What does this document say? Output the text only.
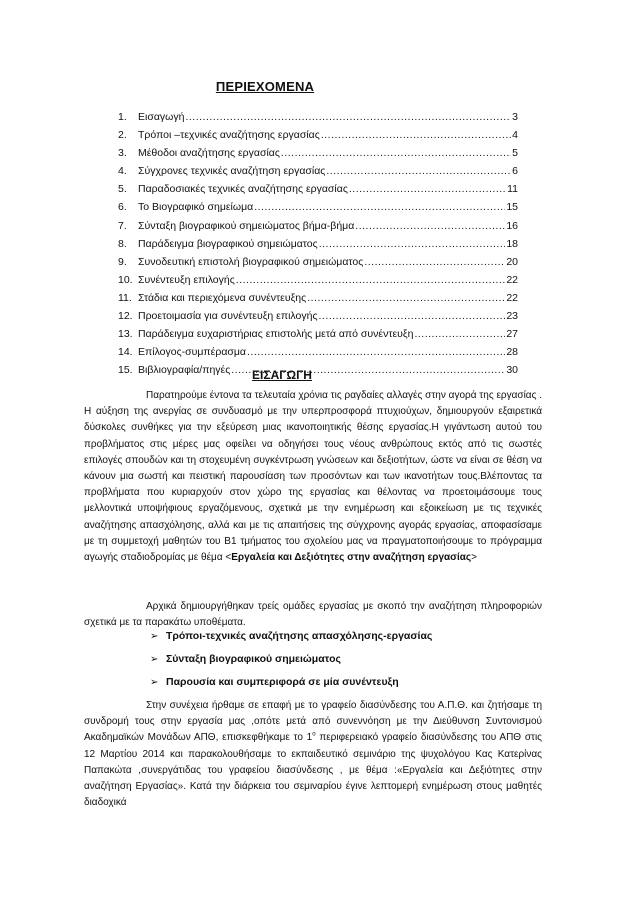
ΠΕΡΙΕΧΟΜΕΝΑ
1.	Εισαγωγή .....	3
2.	Τρόποι –τεχνικές αναζήτησης εργασίας .....	4
3.	Μέθοδοι αναζήτησης εργασίας .....	5
4.	Σύγχρονες τεχνικές αναζήτηση εργασίας .....	6
5.	Παραδοσιακές τεχνικές αναζήτησης εργασίας .....	11
6.	Το Βιογραφικό σημείωμα .....	15
7.	Σύνταξη βιογραφικού σημειώματος βήμα-βήμα .....	16
8.	Παράδειγμα βιογραφικού σημειώματος .....	18
9.	Συνοδευτική επιστολή βιογραφικού σημειώματος .....	20
10. Συνέντευξη επιλογής .....	22
11. Στάδια και περιεχόμενα συνέντευξης .....	22
12. Προετοιμασία για συνέντευξη επιλογής .....	23
13. Παράδειγμα ευχαριστήριας επιστολής μετά από συνέντευξη .....	27
14. Επίλογος-συμπέρασμα .....	28
15. Βιβλιογραφία/πηγές .....	30
ΕΙΣΑΓΩΓΗ
Παρατηρούμε έντονα τα τελευταία χρόνια τις ραγδαίες αλλαγές στην αγορά της εργασίας . Η αύξηση της ανεργίας σε συνδυασμό με την υπερπροσφορά πτυχιούχων, δημιουργούν εξαιρετικά δύσκολες συνθήκες για την εξεύρεση μιας ικανοποιητικής θέσης εργασίας.Η γιγάντωση αυτού του προβλήματος στις μέρες μας οφείλει να οδηγήσει τους νέους ανθρώπους εκτός από τις σωστές επιλογές σπουδών και τη στοχευμένη συγκέντρωση γνώσεων και δεξιοτήτων, ώστε να είναι σε θέση να κάνουν μια σωστή και πειστική παρουσίαση των προσόντων και των ικανοτήτων τους.Βλέποντας τα προβλήματα που κυριαρχούν στον χώρο της εργασίας και θέλοντας να προετοιμάσουμε τους μελλοντικά υποψήφιους εργαζόμενους, σχετικά με την ενημέρωση και εξοικείωση με τις τεχνικές αναζήτησης απασχόλησης, αλλά και με τις απαιτήσεις της σύγχρονης αγοράς εργασίας, αποφασίσαμε με τη συμμετοχή μαθητών του Β1 τμήματος του σχολείου μας να πραγματοποιήσουμε το πρόγραμμα αγωγής σταδιοδρομίας με θέμα <Εργαλεία και Δεξιότητες στην αναζήτηση εργασίας>
Αρχικά δημιουργήθηκαν τρείς ομάδες εργασίας με σκοπό την αναζήτηση πληροφοριών σχετικά με τα παρακάτω υποθέματα.
➢ Τρόποι-τεχνικές αναζήτησης απασχόλησης-εργασίας
➢ Σύνταξη βιογραφικού σημειώματος
➢ Παρουσία και συμπεριφορά σε μία συνέντευξη
Στην συνέχεια ήρθαμε σε επαφή με το γραφείο διασύνδεσης του Α.Π.Θ. και ζητήσαμε τη συνδρομή τους στην εργασία μας ,οπότε μετά από συνεννόηση με την Διεύθυνση Συντονισμού Ακαδημαϊκών Μονάδων ΑΠΘ, επισκεφθήκαμε το $1^o$ περιφερειακό γραφείο διασύνδεσης του ΑΠΘ στις 12 Μαρτίου 2014 και παρακολουθήσαμε το εκπαιδευτικό σεμινάριο της ψυχολόγου Κας Κατερίνας Παπακώτα ,συνεργάτιδας του γραφείου διασύνδεσης , με θέμα :«Εργαλεία και Δεξιότητες στην αναζήτηση Εργασίας». Κατά την διάρκεια του σεμιναρίου έγινε λεπτομερή ενημέρωση στους μαθητές διαδοχικά
